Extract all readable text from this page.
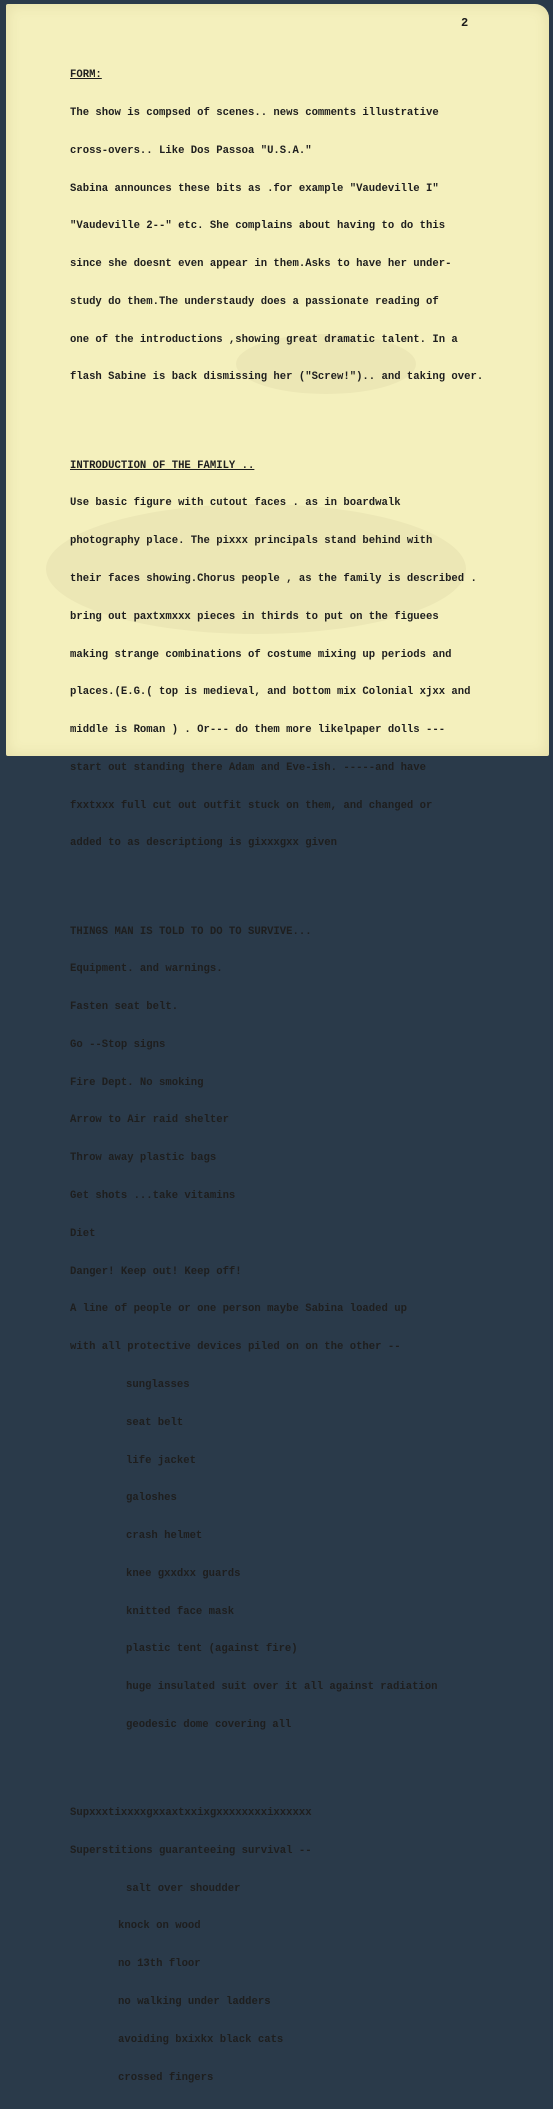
2

FORM:

The show is compsed of scenes.. news comments illustrative

cross-overs.. Like Dos Passoa "U.S.A."

Sabina announces these bits as .for example "Vaudeville I"

"Vaudeville 2--" etc. She complains about having to do this

since she doesnt even appear in them.Asks to have her under-

study do them.The understaudy does a passionate reading of

one of the introductions ,showing great dramatic talent. In a

flash Sabine is back dismissing her ("Screw!").. and taking over.

INTRODUCTION OF THE FAMILY ..

Use basic figure with cutout faces . as in boardwalk

photography place. The pixxx principals stand behind with

their faces showing.Chorus people , as the family is described .

bring out paxtxmxxx pieces in thirds to put on the figuees

making strange combinations of costume mixing up periods and

places.(E.G.( top is medieval, and bottom mix Colonial xjxx and

middle is Roman ) . Or--- do them more likelpaper dolls ---

start out standing there Adam and Eve-ish. -----and have

fxxtxxx full cut out outfit stuck on them, and changed or

added to as descriptiong is gixxxgxx given

THINGS MAN IS TOLD TO DO TO SURVIVE...

Equipment. and warnings.

Fasten seat belt.

Go --Stop signs

Fire Dept. No smoking

Arrow to Air raid shelter

Throw away plastic bags

Get shots ...take vitamins

Diet

Danger! Keep out! Keep off!

A line of people or one person maybe Sabina loaded up

with all protective devices piled on on the other --

sunglasses

seat belt

life jacket

galoshes

crash helmet

knee gxxdxx guards

knitted face mask

plastic tent (against fire)

huge insulated suit over it all against radiation

geodesic dome covering all

Supxxxtixxxxgxxaxtxxixgxxxxxxxxixxxxxx

Superstitions guaranteeing survival --

salt over shoudder

knock on wood

no 13th floor

no walking under ladders

avoiding bxixkx black cats

crossed fingers
